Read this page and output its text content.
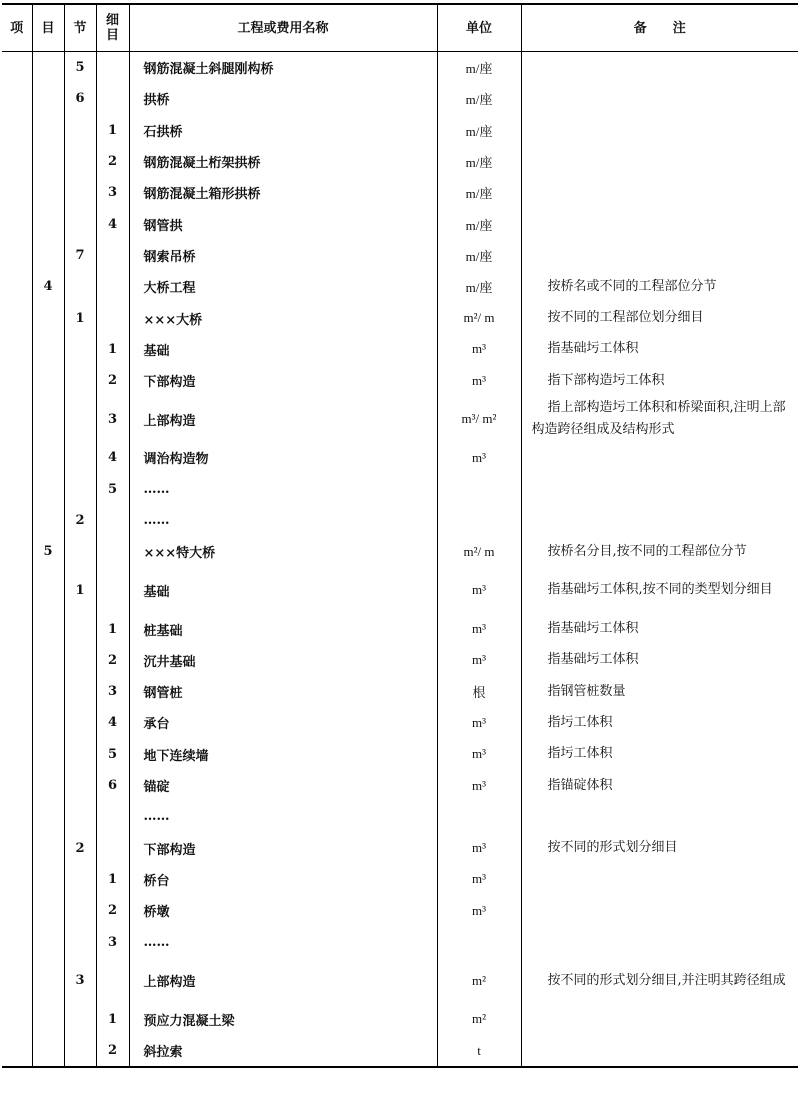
项	目	节	细目	工程或费用名称	单位	备　　注
		5		钢筋混凝土斜腿刚构桥	m/座	
		6		拱桥	m/座	
			1	石拱桥	m/座	
			2	钢筋混凝土桁架拱桥	m/座	
			3	钢筋混凝土箱形拱桥	m/座	
			4	钢管拱	m/座	
		7		钢索吊桥	m/座	
	4			大桥工程	m/座	按桥名或不同的工程部位分节

		1		×××大桥	m²/ m	按不同的工程部位划分细目

			1	基础	m³	指基础圬工体积

			2	下部构造	m³	指下部构造圬工体积

			3	上部构造	m³/ m²	指上部构造圬工体积和桥梁面积,注明上部构造跨径组成及结构形式

			4	调治构造物	m³	
			5	……		
		2		……		
	5			×××特大桥	m²/ m	按桥名分目,按不同的工程部位分节

		1		基础	m³	指基础圬工体积,按不同的类型划分细目

			1	桩基础	m³	指基础圬工体积

			2	沉井基础	m³	指基础圬工体积

			3	钢管桩	根	指钢管桩数量

			4	承台	m³	指圬工体积

			5	地下连续墙	m³	指圬工体积

			6	锚碇	m³	指锚碇体积

				……		
		2		下部构造	m³	按不同的形式划分细目

			1	桥台	m³	
			2	桥墩	m³	
			3	……		
		3		上部构造	m²	按不同的形式划分细目,并注明其跨径组成

			1	预应力混凝土梁	m²	
			2	斜拉索	t	
